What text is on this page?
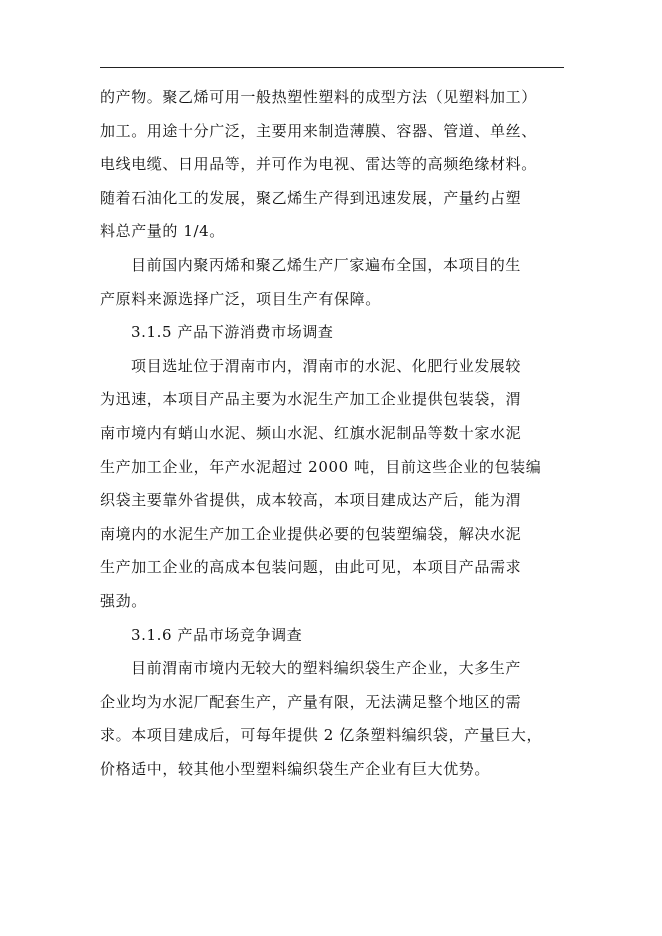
的产物。聚乙烯可用一般热塑性塑料的成型方法（见塑料加工）
加工。用途十分广泛，主要用来制造薄膜、容器、管道、单丝、
电线电缆、日用品等，并可作为电视、雷达等的高频绝缘材料。
随着石油化工的发展，聚乙烯生产得到迅速发展，产量约占塑
料总产量的 1/4。
目前国内聚丙烯和聚乙烯生产厂家遍布全国，本项目的生
产原料来源选择广泛，项目生产有保障。
3.1.5 产品下游消费市场调查
项目选址位于渭南市内，渭南市的水泥、化肥行业发展较
为迅速，本项目产品主要为水泥生产加工企业提供包装袋，渭
南市境内有蛸山水泥、频山水泥、红旗水泥制品等数十家水泥
生产加工企业，年产水泥超过 2000 吨，目前这些企业的包装编
织袋主要靠外省提供，成本较高，本项目建成达产后，能为渭
南境内的水泥生产加工企业提供必要的包装塑编袋，解决水泥
生产加工企业的高成本包装问题，由此可见，本项目产品需求
强劲。
3.1.6 产品市场竞争调查
目前渭南市境内无较大的塑料编织袋生产企业，大多生产
企业均为水泥厂配套生产，产量有限，无法满足整个地区的需
求。本项目建成后，可每年提供 2 亿条塑料编织袋，产量巨大，
价格适中，较其他小型塑料编织袋生产企业有巨大优势。
